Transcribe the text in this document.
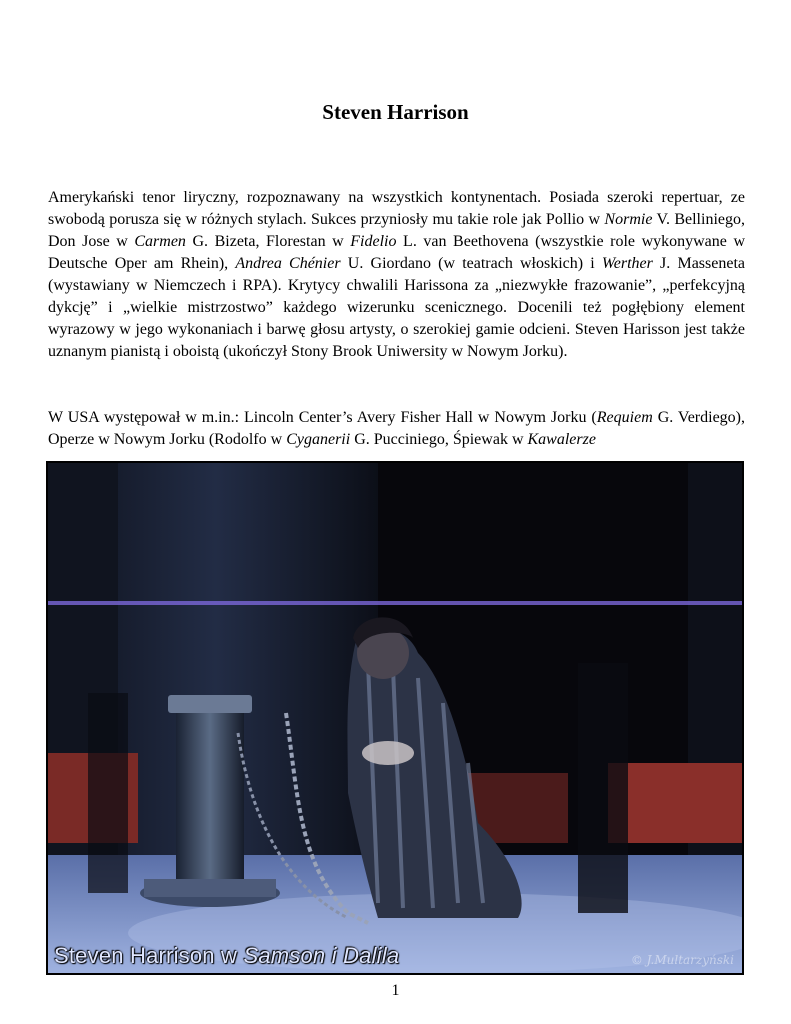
Steven Harrison

Amerykański tenor liryczny, rozpoznawany na wszystkich kontynentach. Posiada szeroki repertuar, ze swobodą porusza się w różnych stylach. Sukces przyniosły mu takie role jak Pollio w Normie V. Belliniego, Don Jose w Carmen G. Bizeta, Florestan w Fidelio L. van Beethovena (wszystkie role wykonywane w Deutsche Oper am Rhein), Andrea Chénier U. Giordano (w teatrach włoskich) i Werther J. Masseneta (wystawiany w Niemczech i RPA). Krytycy chwalili Harissona za „niezwykłe frazowanie”, „perfekcyjną dykcję” i „wielkie mistrzostwo” każdego wizerunku scenicznego. Docenili też pogłębiony element wyrazowy w jego wykonaniach i barwę głosu artysty, o szerokiej gamie odcieni. Steven Harisson jest także uznanym pianistą i oboistą (ukończył Stony Brook Uniwersity w Nowym Jorku).

W USA występował w m.in.: Lincoln Center’s Avery Fisher Hall w Nowym Jorku (Requiem G. Verdiego), Operze w Nowym Jorku (Rodolfo w Cyganerii G. Pucciniego, Śpiewak w Kawalerze

Steven Harrison w Samson i Dalila	© J.Multarzyński
1
